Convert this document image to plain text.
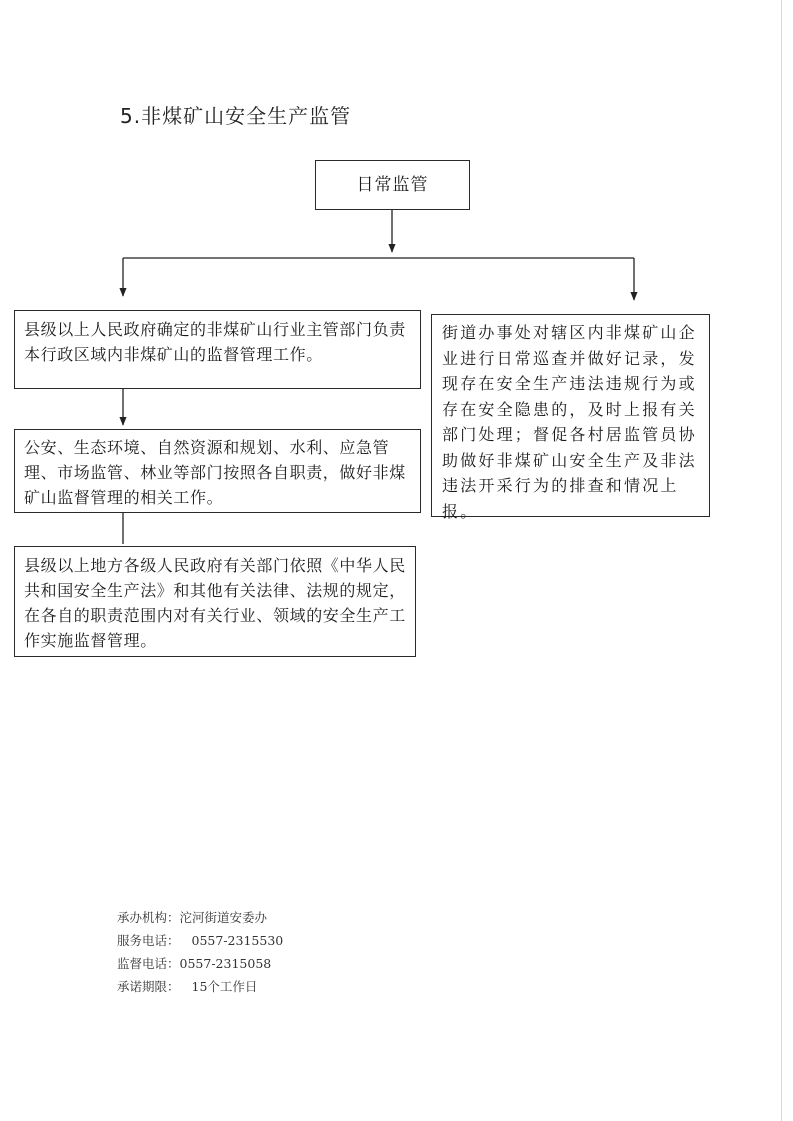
5.非煤矿山安全生产监管
日常监管
县级以上人民政府确定的非煤矿山行业主管部门负责本行政区域内非煤矿山的监督管理工作。
公安、生态环境、自然资源和规划、水利、应急管理、市场监管、林业等部门按照各自职责，做好非煤矿山监督管理的相关工作。
县级以上地方各级人民政府有关部门依照《中华人民共和国安全生产法》和其他有关法律、法规的规定，在各自的职责范围内对有关行业、领域的安全生产工作实施监督管理。
街道办事处对辖区内非煤矿山企业进行日常巡查并做好记录，发现存在安全生产违法违规行为或存在安全隐患的，及时上报有关部门处理；督促各村居监管员协助做好非煤矿山安全生产及非法违法开采行为的排查和情况上报。
承办机构： 沱河街道安委办
服务电话： 0557-2315530
监督电话： 0557-2315058
承诺期限： 15个工作日
